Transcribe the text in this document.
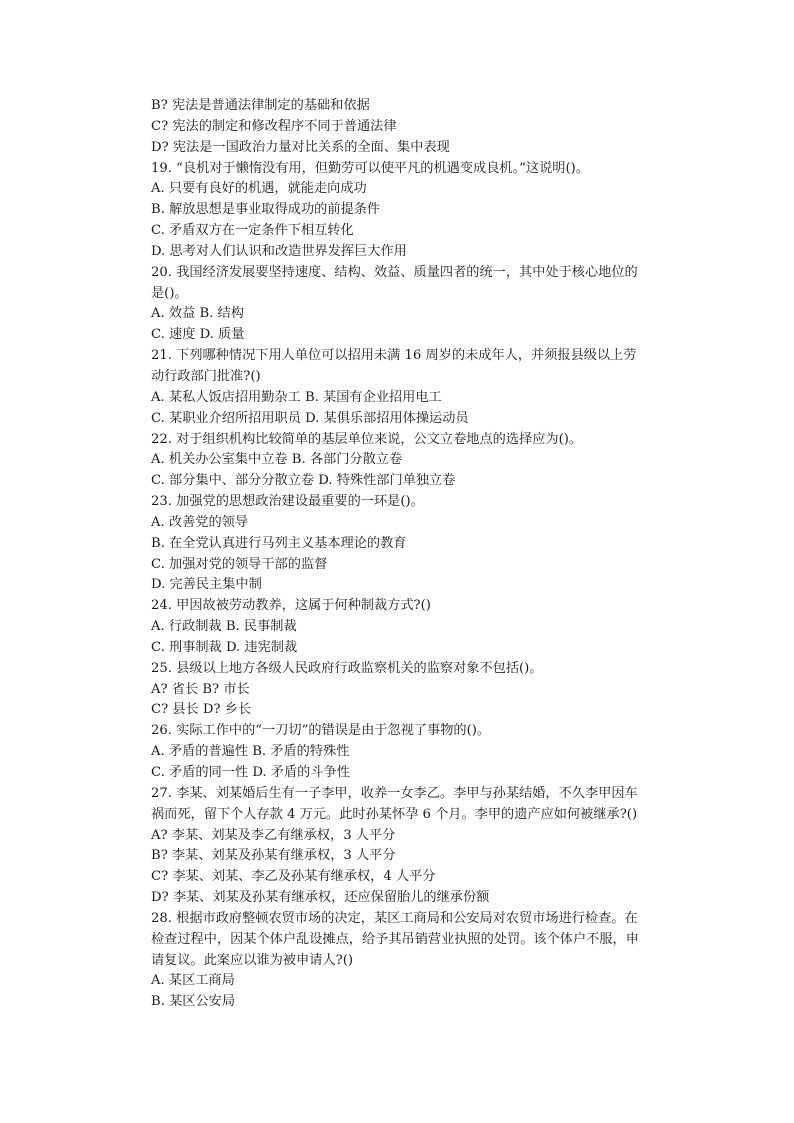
B? 宪法是普通法律制定的基础和依据
C? 宪法的制定和修改程序不同于普通法律
D? 宪法是一国政治力量对比关系的全面、集中表现
19. “良机对于懒惰没有用，但勤劳可以使平凡的机遇变成良机。”这说明()。
A. 只要有良好的机遇，就能走向成功
B. 解放思想是事业取得成功的前提条件
C. 矛盾双方在一定条件下相互转化
D. 思考对人们认识和改造世界发挥巨大作用
20. 我国经济发展要坚持速度、结构、效益、质量四者的统一，其中处于核心地位的
是()。
A. 效益 B. 结构
C. 速度 D. 质量
21. 下列哪种情况下用人单位可以招用未满 16 周岁的未成年人，并须报县级以上劳
动行政部门批准?()
A. 某私人饭店招用勤杂工 B. 某国有企业招用电工
C. 某职业介绍所招用职员 D. 某俱乐部招用体操运动员
22. 对于组织机构比较简单的基层单位来说，公文立卷地点的选择应为()。
A. 机关办公室集中立卷 B. 各部门分散立卷
C. 部分集中、部分分散立卷 D. 特殊性部门单独立卷
23. 加强党的思想政治建设最重要的一环是()。
A. 改善党的领导
B. 在全党认真进行马列主义基本理论的教育
C. 加强对党的领导干部的监督
D. 完善民主集中制
24. 甲因故被劳动教养，这属于何种制裁方式?()
A. 行政制裁 B. 民事制裁
C. 刑事制裁 D. 违宪制裁
25. 县级以上地方各级人民政府行政监察机关的监察对象不包括()。
A? 省长 B? 市长
C? 县长 D? 乡长
26. 实际工作中的“一刀切”的错误是由于忽视了事物的()。
A. 矛盾的普遍性 B. 矛盾的特殊性
C. 矛盾的同一性 D. 矛盾的斗争性
27. 李某、刘某婚后生有一子李甲，收养一女李乙。李甲与孙某结婚，不久李甲因车
祸而死，留下个人存款 4 万元。此时孙某怀孕 6 个月。李甲的遗产应如何被继承?()
A? 李某、刘某及李乙有继承权，3 人平分
B? 李某、刘某及孙某有继承权，3 人平分
C? 李某、刘某、李乙及孙某有继承权，4 人平分
D? 李某、刘某及孙某有继承权，还应保留胎儿的继承份额
28. 根据市政府整顿农贸市场的决定，某区工商局和公安局对农贸市场进行检查。在
检查过程中，因某个体户乱设摊点，给予其吊销营业执照的处罚。该个体户不服，申
请复议。此案应以谁为被申请人?()
A. 某区工商局
B. 某区公安局
